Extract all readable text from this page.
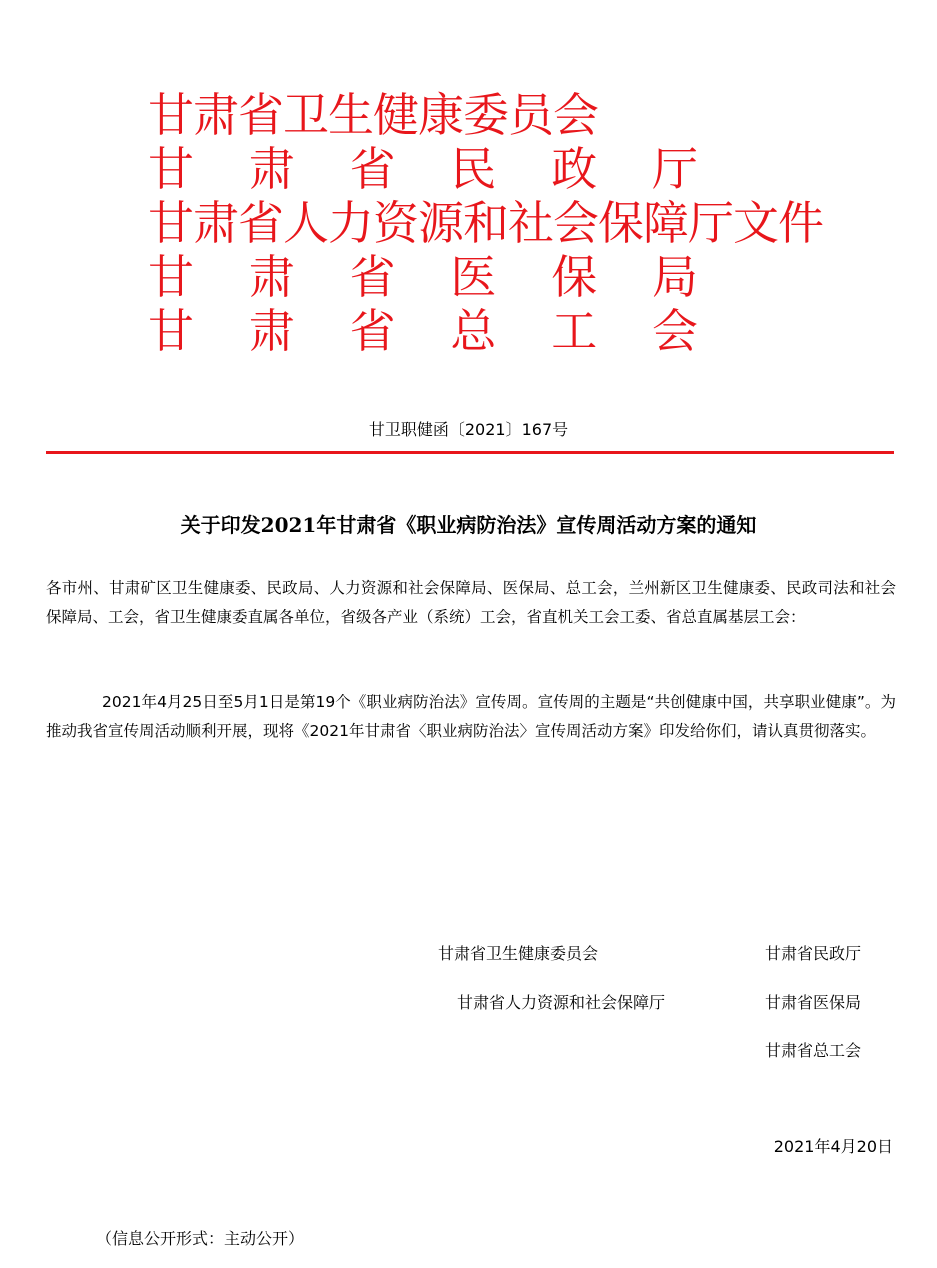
甘肃省卫生健康委员会
甘 肃 省 民 政 厅
甘肃省人力资源和社会保障厅文件
甘 肃 省 医 保 局
甘 肃 省 总 工 会
甘卫职健函〔2021〕167号
关于印发2021年甘肃省《职业病防治法》宣传周活动方案的通知
各市州、甘肃矿区卫生健康委、民政局、人力资源和社会保障局、医保局、总工会，兰州新区卫生健康委、民政司法和社会保障局、工会，省卫生健康委直属各单位，省级各产业（系统）工会，省直机关工会工委、省总直属基层工会：
2021年4月25日至5月1日是第19个《职业病防治法》宣传周。宣传周的主题是“共创健康中国，共享职业健康”。为推动我省宣传周活动顺利开展，现将《2021年甘肃省〈职业病防治法〉宣传周活动方案》印发给你们，请认真贯彻落实。
甘肃省卫生健康委员会	甘肃省民政厅
甘肃省人力资源和社会保障厅	甘肃省医保局
甘肃省总工会
2021年4月20日
（信息公开形式：主动公开）
